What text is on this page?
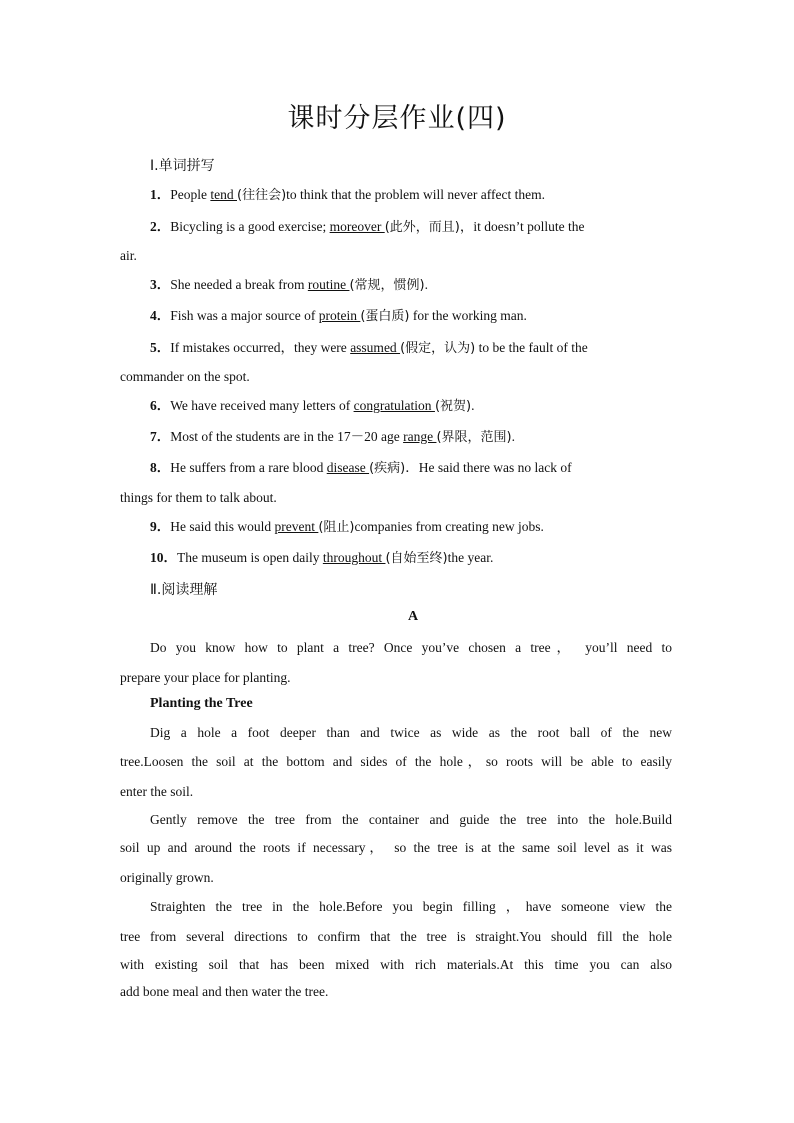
课时分层作业(四)
Ⅰ.单词拼写
1．People tend (往往会)to think that the problem will never affect them.
2．Bicycling is a good exercise; moreover (此外，而且)，it doesn’t pollute the
air.
3．She needed a break from routine (常规，惯例).
4．Fish was a major source of protein (蛋白质) for the working man.
5．If mistakes occurred，they were assumed (假定，认为) to be the fault of the
commander on the spot.
6．We have received many letters of congratulation (祝贺).
7．Most of the students are in the 17－20 age range (界限，范围).
8．He suffers from a rare blood disease (疾病)．He said there was no lack of
things for them to talk about.
9．He said this would prevent (阻止)companies from creating new jobs.
10．The museum is open daily throughout (自始至终)the year.
Ⅱ.阅读理解
A
Do you know how to plant a tree? Once you’ve chosen a tree， you’ll need to
prepare your place for planting.
Planting the Tree
Dig a hole a foot deeper than and twice as wide as the root ball of the new
tree.Loosen the soil at the bottom and sides of the hole，so roots will be able to easily
enter the soil.
Gently remove the tree from the container and guide the tree into the hole.Build
soil up and around the roots if necessary， so the tree is at the same soil level as it was
originally grown.
Straighten the tree in the hole.Before you begin filling ，have someone view the
tree from several directions to confirm that the tree is straight.You should fill the hole
with existing soil that has been mixed with rich materials.At this time you can also
add bone meal and then water the tree.
